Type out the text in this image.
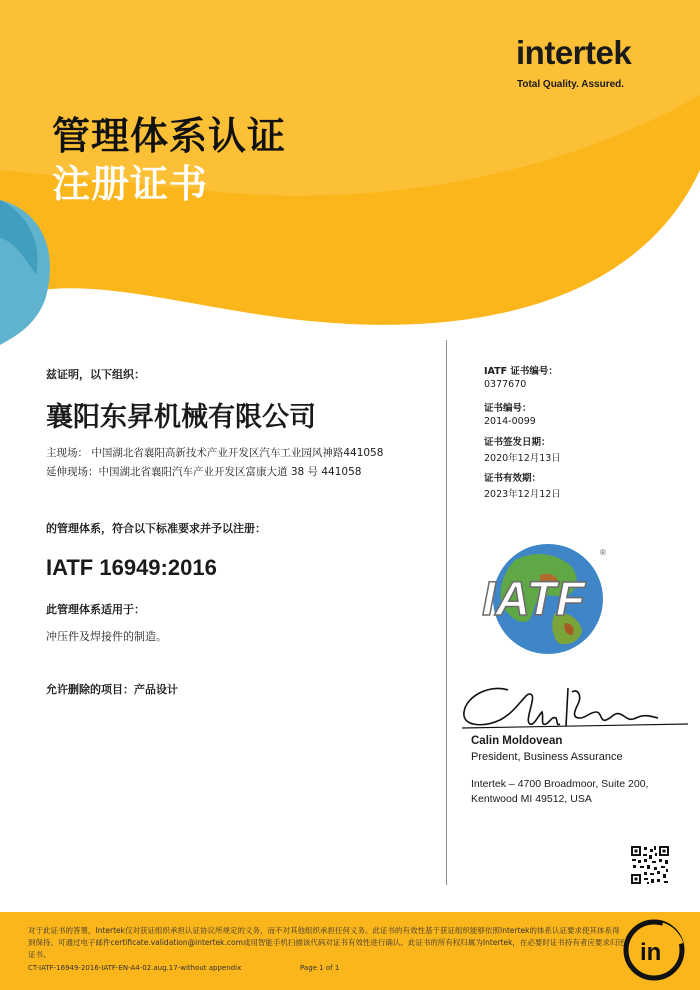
intertek
Total Quality. Assured.
管理体系认证
注册证书
兹证明，以下组织：
襄阳东昇机械有限公司
主现场： 中国湖北省襄阳高新技术产业开发区汽车工业园风神路441058
延伸现场：中国湖北省襄阳汽车产业开发区富康大道 38 号 441058
的管理体系，符合以下标准要求并予以注册：
IATF 16949:2016
此管理体系适用于：
冲压件及焊接件的制造。
允许删除的项目：产品设计
IATF 证书编号：
0377670
证书编号：
2014-0099
证书签发日期：
2020年12月13日
证书有效期：
2023年12月12日
IATF
®
Calin Moldovean
President, Business Assurance
Intertek – 4700 Broadmoor, Suite 200,
Kentwood MI 49512, USA
对于此证书的答署，Intertek仅对获证组织承担认证协议所规定的义务，而不对其他组织承担任何义务。此证书的有效性基于获证组织能够依照Intertek的体系认证要求使其体系得
到保持。可通过电子邮件certificate.validation@intertek.com或用智能手机扫描该代码对证书有效性进行确认。此证书的所有权归属为Intertek，在必要时证书持有者应要求归还
证书。
CT-IATF-16949-2016-IATF-EN-A4-02.aug.17-without appendix	Page 1 of 1
in
